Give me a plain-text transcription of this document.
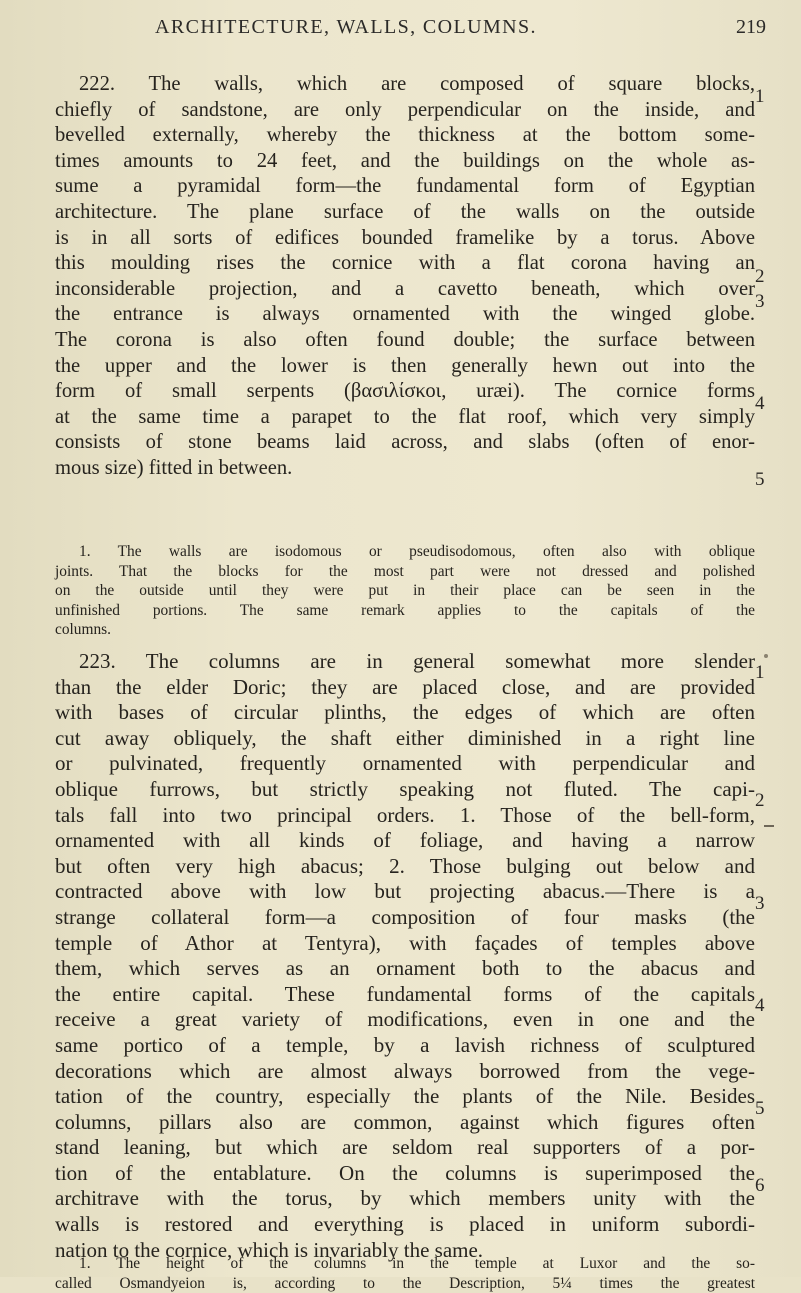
ARCHITECTURE, WALLS, COLUMNS.	219
222. The walls, which are composed of square blocks,
chiefly of sandstone, are only perpendicular on the inside, and
bevelled externally, whereby the thickness at the bottom some-
times amounts to 24 feet, and the buildings on the whole as-
sume a pyramidal form—the fundamental form of Egyptian
architecture. The plane surface of the walls on the outside
is in all sorts of edifices bounded framelike by a torus. Above
this moulding rises the cornice with a flat corona having an
inconsiderable projection, and a cavetto beneath, which over
the entrance is always ornamented with the winged globe.
The corona is also often found double; the surface between
the upper and the lower is then generally hewn out into the
form of small serpents (βασιλίσκοι, uræi). The cornice forms
at the same time a parapet to the flat roof, which very simply
consists of stone beams laid across, and slabs (often of enor-
mous size) fitted in between.
1
2
3
4
5
1. The walls are isodomous or pseudisodomous, often also with oblique
joints. That the blocks for the most part were not dressed and polished
on the outside until they were put in their place can be seen in the
unfinished portions. The same remark applies to the capitals of the
columns.
223. The columns are in general somewhat more slender
than the elder Doric; they are placed close, and are provided
with bases of circular plinths, the edges of which are often
cut away obliquely, the shaft either diminished in a right line
or pulvinated, frequently ornamented with perpendicular and
oblique furrows, but strictly speaking not fluted. The capi-
tals fall into two principal orders. 1. Those of the bell-form,
ornamented with all kinds of foliage, and having a narrow
but often very high abacus; 2. Those bulging out below and
contracted above with low but projecting abacus.—There is a
strange collateral form—a composition of four masks (the
temple of Athor at Tentyra), with façades of temples above
them, which serves as an ornament both to the abacus and
the entire capital. These fundamental forms of the capitals
receive a great variety of modifications, even in one and the
same portico of a temple, by a lavish richness of sculptured
decorations which are almost always borrowed from the vege-
tation of the country, especially the plants of the Nile. Besides
columns, pillars also are common, against which figures often
stand leaning, but which are seldom real supporters of a por-
tion of the entablature. On the columns is superimposed the
architrave with the torus, by which members unity with the
walls is restored and everything is placed in uniform subordi-
nation to the cornice, which is invariably the same.
1
2
3
4
5
6
1. The height of the columns in the temple at Luxor and the so-
called Osmandyeion is, according to the Description, 5¼ times the greatest
